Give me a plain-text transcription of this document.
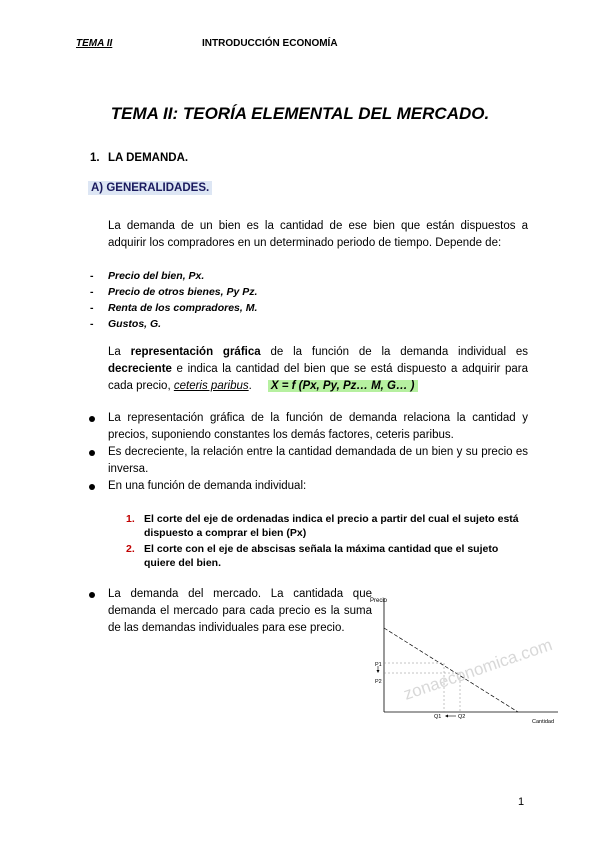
TEMA II	INTRODUCCIÓN ECONOMÍA
TEMA II: TEORÍA ELEMENTAL DEL MERCADO.
1. LA DEMANDA.
A) GENERALIDADES.
La demanda de un bien es la cantidad de ese bien que están dispuestos a adquirir los compradores en un determinado periodo de tiempo. Depende de:
- Precio del bien, Px.
- Precio de otros bienes, Py Pz.
- Renta de los compradores, M.
- Gustos, G.
La representación gráfica de la función de la demanda individual es decreciente e indica la cantidad del bien que se está dispuesto a adquirir para cada precio, ceteris paribus. X = f (Px, Py, Pz… M, G… )
La representación gráfica de la función de demanda relaciona la cantidad y precios, suponiendo constantes los demás factores, ceteris paribus.
Es decreciente, la relación entre la cantidad demandada de un bien y su precio es inversa.
En una función de demanda individual:
1. El corte del eje de ordenadas indica el precio a partir del cual el sujeto está dispuesto a comprar el bien (Px)
2. El corte con el eje de abscisas señala la máxima cantidad que el sujeto quiere del bien.
La demanda del mercado. La cantidada que demanda el mercado para cada precio es la suma de las demandas individuales para ese precio.
Precio
P1
P2
Q1	Q2
Cantidad
zonaeconomica.com
1
